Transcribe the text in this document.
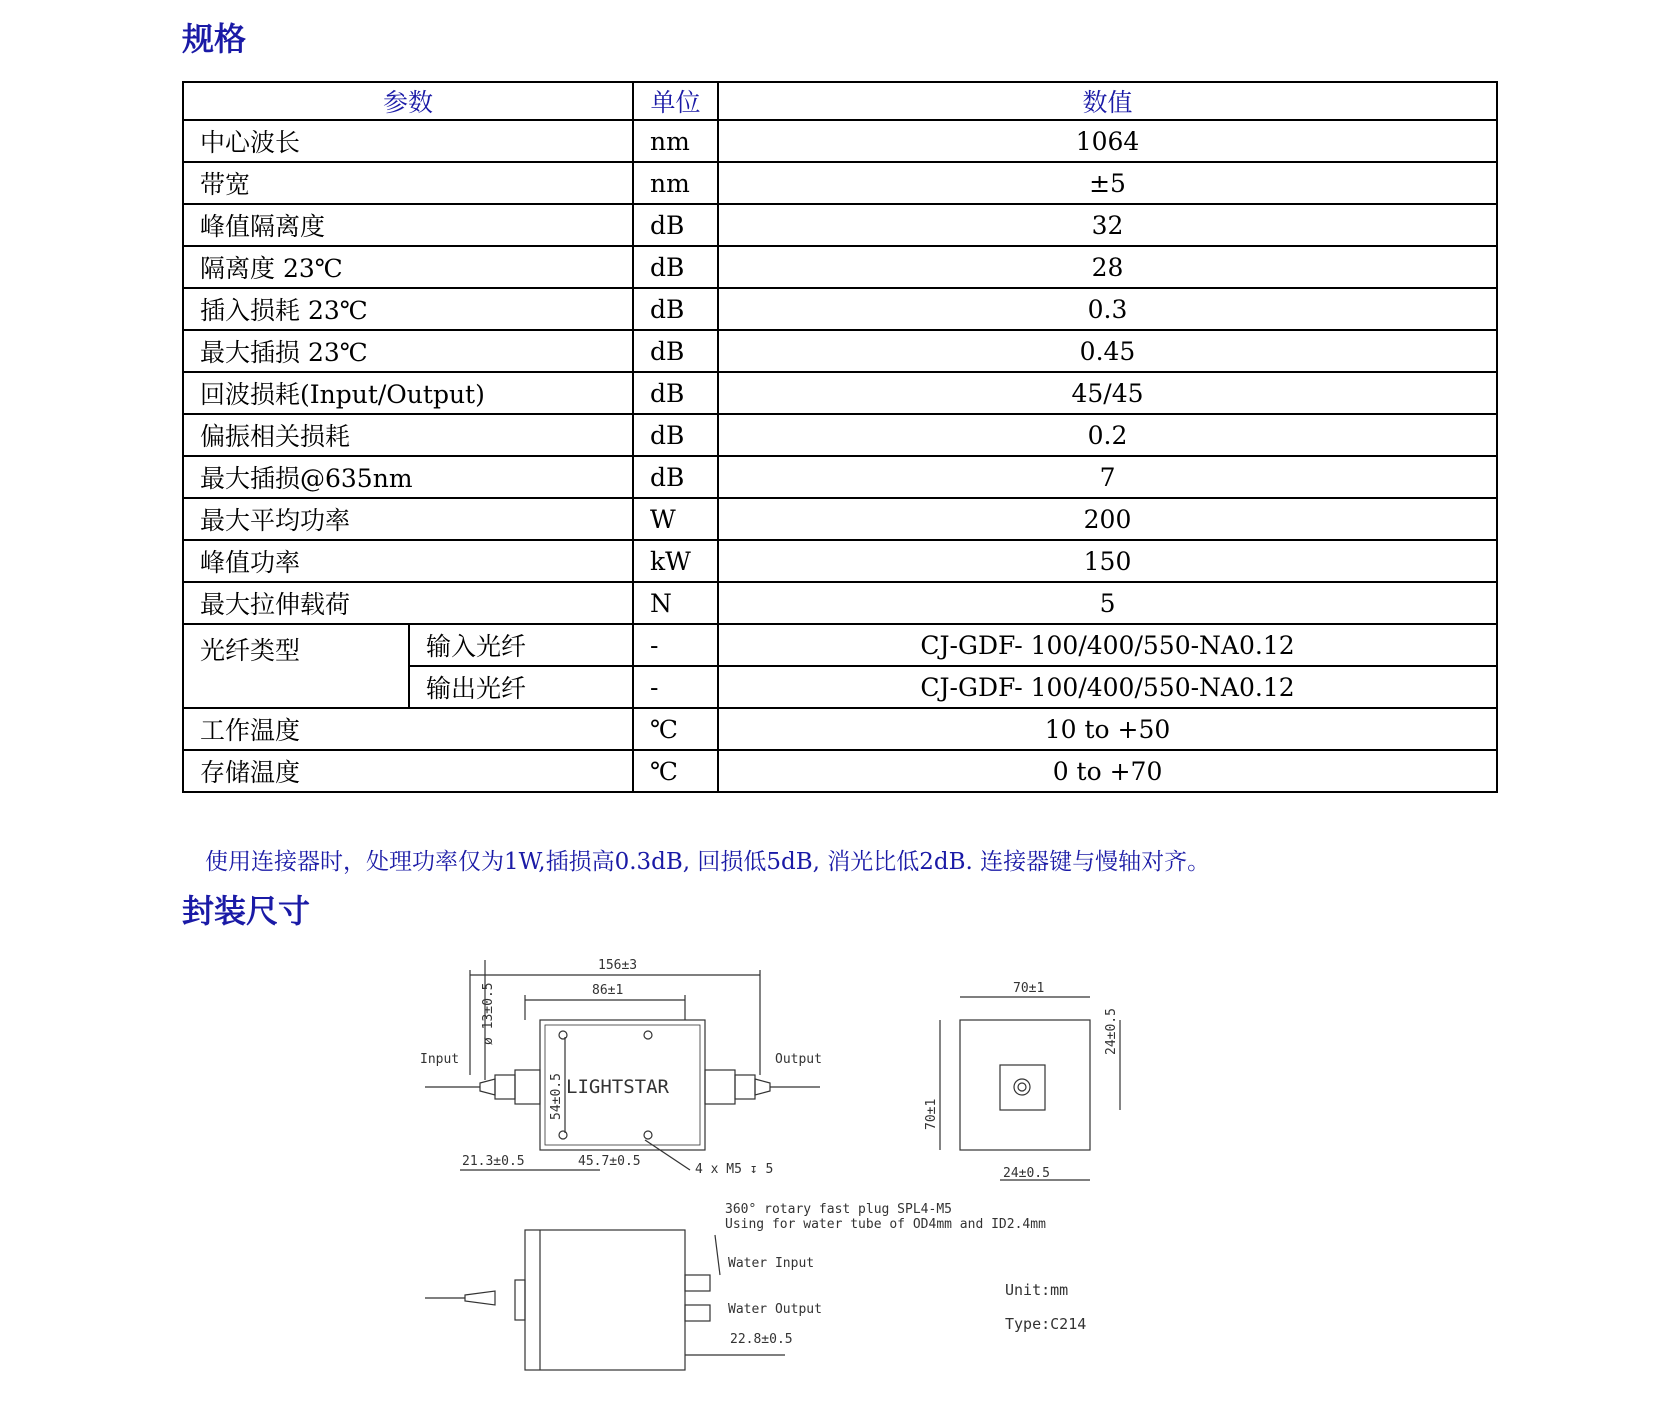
规格
参数		单位	数值
中心波长		nm	1064
带宽		nm	±5
峰值隔离度		dB	32
隔离度 23℃		dB	28
插入损耗 23℃		dB	0.3
最大插损 23℃		dB	0.45
回波损耗(Input/Output)		dB	45/45
偏振相关损耗		dB	0.2
最大插损@635nm		dB	7
最大平均功率		W	200
峰值功率		kW	150
最大拉伸载荷		N	5
光纤类型	输入光纤	-	CJ-GDF- 100/400/550-NA0.12
	输出光纤	-	CJ-GDF- 100/400/550-NA0.12
工作温度		℃	10 to +50
存储温度		℃	0 to +70
使用连接器时，处理功率仅为1W,插损高0.3dB, 回损低5dB, 消光比低2dB. 连接器键与慢轴对齐。
封装尺寸
156±3
86±1
Input	Output
LIGHTSTAR
21.3±0.5	45.7±0.5
4 x M5 ↧ 5
70±1
24±0.5
360° rotary fast plug SPL4-M5
Using for water tube of OD4mm and ID2.4mm
Water Input
Water Output
22.8±0.5
Unit:mm
Type:C214
ø 13±0.5
54±0.5	70±1
24±0.5
